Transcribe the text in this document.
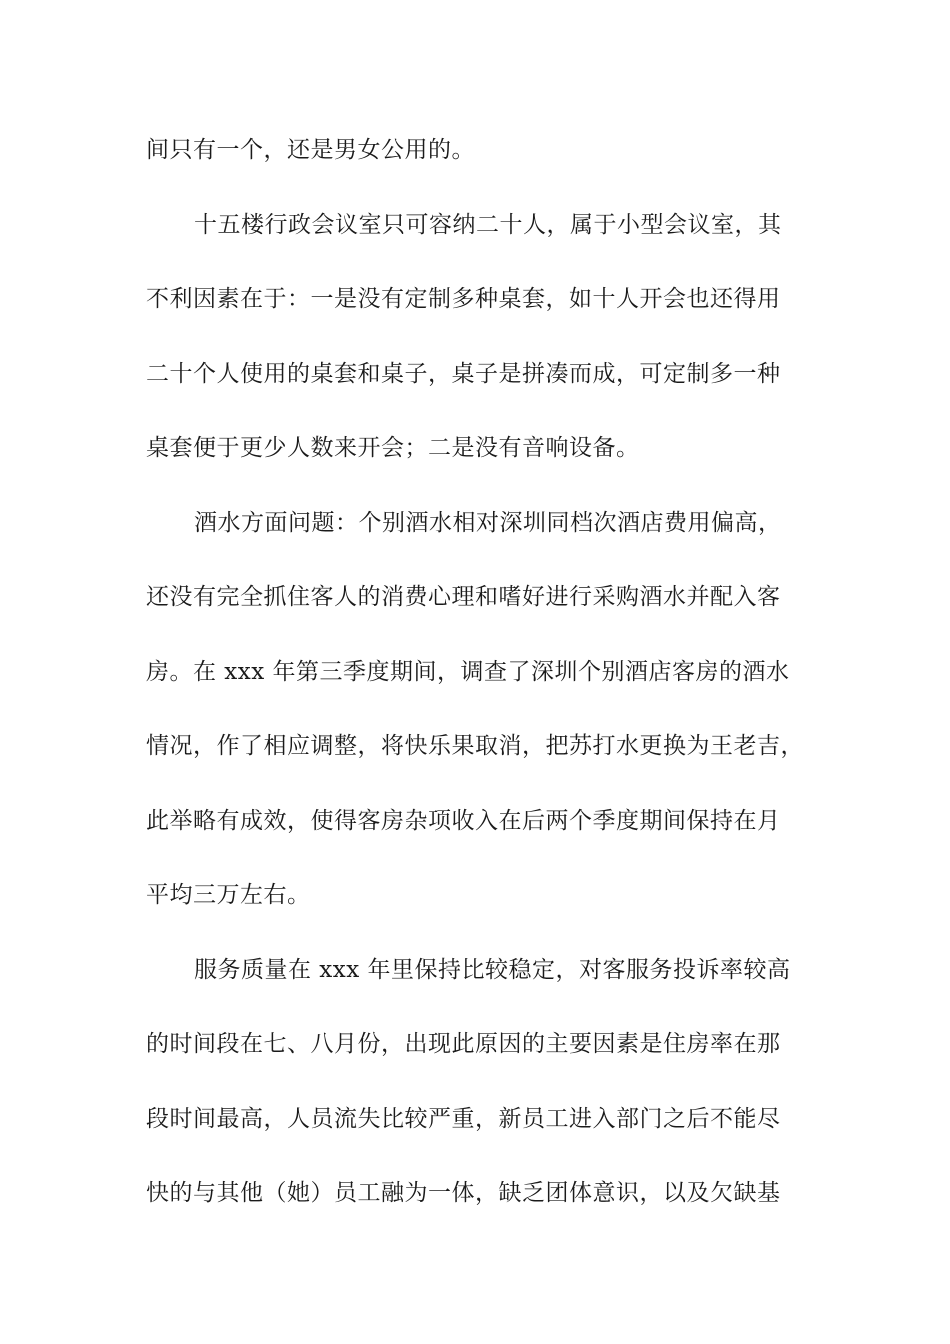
间只有一个，还是男女公用的。
十五楼行政会议室只可容纳二十人，属于小型会议室，其
不利因素在于：一是没有定制多种桌套，如十人开会也还得用
二十个人使用的桌套和桌子，桌子是拼凑而成，可定制多一种
桌套便于更少人数来开会；二是没有音响设备。
酒水方面问题：个别酒水相对深圳同档次酒店费用偏高，
还没有完全抓住客人的消费心理和嗜好进行采购酒水并配入客
房。在 xxx 年第三季度期间，调查了深圳个别酒店客房的酒水
情况，作了相应调整，将快乐果取消，把苏打水更换为王老吉，
此举略有成效，使得客房杂项收入在后两个季度期间保持在月
平均三万左右。
服务质量在 xxx 年里保持比较稳定，对客服务投诉率较高
的时间段在七、八月份，出现此原因的主要因素是住房率在那
段时间最高，人员流失比较严重，新员工进入部门之后不能尽
快的与其他（她）员工融为一体，缺乏团体意识，以及欠缺基
